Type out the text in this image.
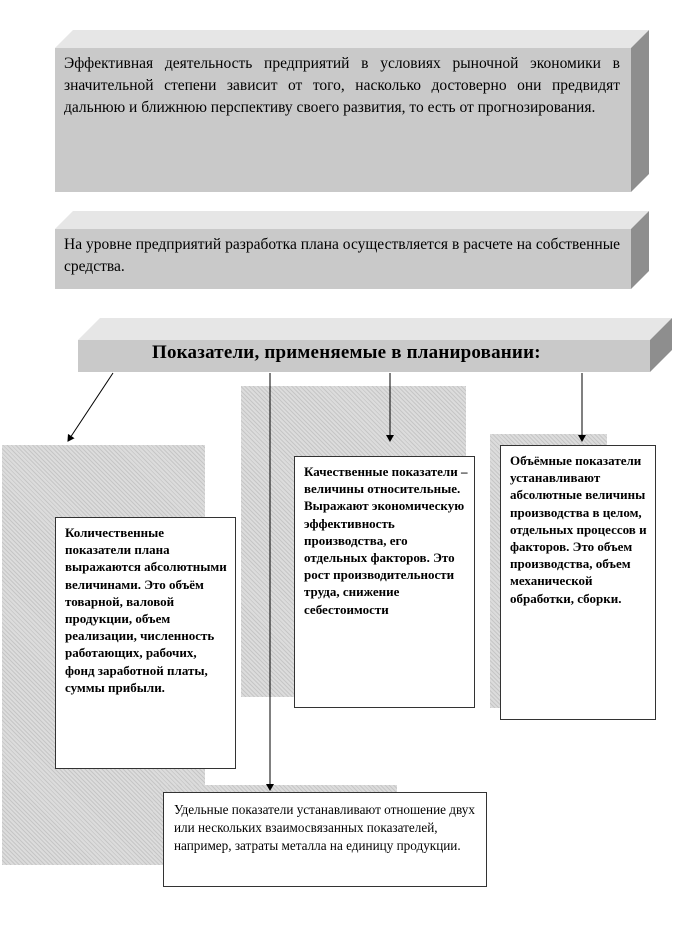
Эффективная деятельность предприятий в условиях рыночной экономики в значительной степени зависит от того, насколько достоверно они предвидят дальнюю и ближнюю перспективу своего развития, то есть от прогнозирования.
На уровне предприятий разработка плана осуществляется в расчете на собственные средства.
Показатели, применяемые в планировании:
Количественные показатели плана выражаются абсолютными величинами. Это объём товарной, валовой продукции, объем реализации, численность работающих, рабочих, фонд заработной платы, суммы прибыли.
Качественные показатели – величины относительные. Выражают экономическую эффективность производства, его отдельных факторов. Это рост производительности труда, снижение себестоимости
Объёмные показатели устанавливают абсолютные величины производства в целом, отдельных процессов и факторов. Это объем производства, объем механической обработки, сборки.
Удельные показатели устанавливают отношение двух или нескольких взаимосвязанных показателей, например, затраты металла на единицу продукции.
